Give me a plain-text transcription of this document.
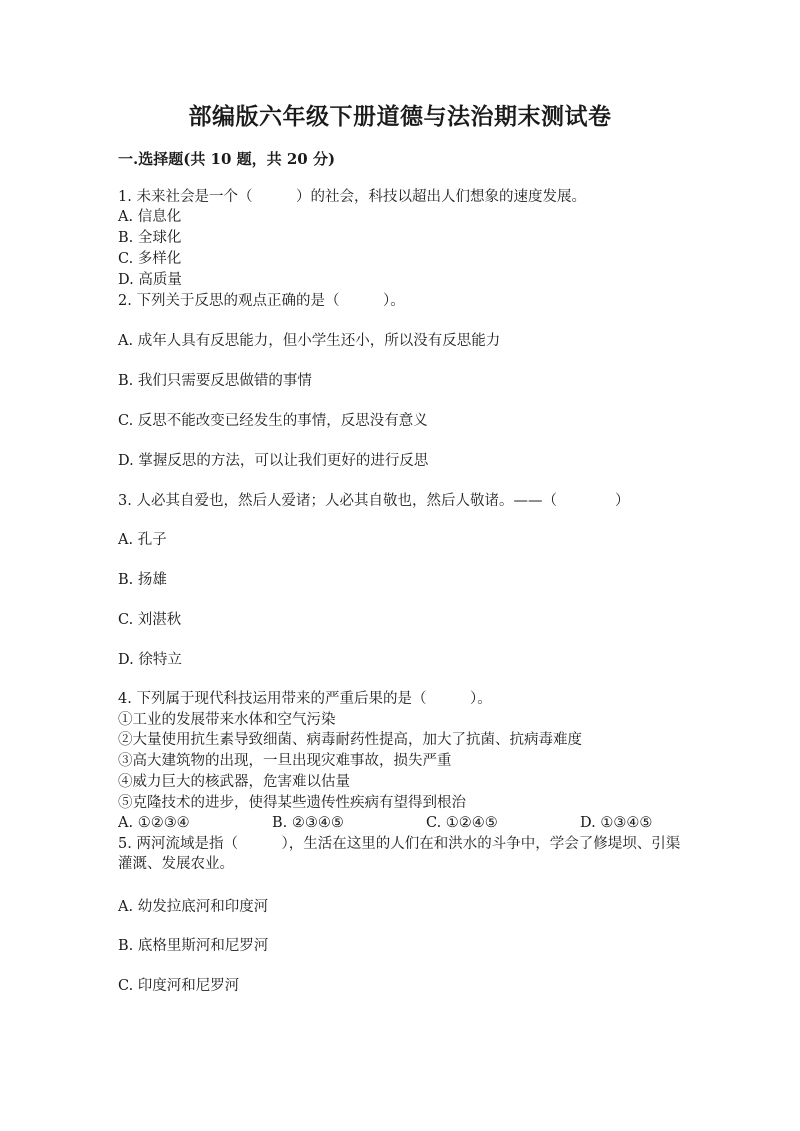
部编版六年级下册道德与法治期末测试卷
一.选择题(共 10 题，共 20 分)

1. 未来社会是一个（　　　）的社会，科技以超出人们想象的速度发展。

A. 信息化

B. 全球化

C. 多样化

D. 高质量

2. 下列关于反思的观点正确的是（　　　）。

A. 成年人具有反思能力，但小学生还小，所以没有反思能力

B. 我们只需要反思做错的事情

C. 反思不能改变已经发生的事情，反思没有意义

D. 掌握反思的方法，可以让我们更好的进行反思

3. 人必其自爱也，然后人爱诸；人必其自敬也，然后人敬诸。——（　　　　）

A. 孔子

B. 扬雄

C. 刘湛秋

D. 徐特立

4. 下列属于现代科技运用带来的严重后果的是（　　　）。

①工业的发展带来水体和空气污染

②大量使用抗生素导致细菌、病毒耐药性提高，加大了抗菌、抗病毒难度

③高大建筑物的出现，一旦出现灾难事故，损失严重

④威力巨大的核武器，危害难以估量

⑤克隆技术的进步，使得某些遗传性疾病有望得到根治

A. ①②③④	B. ②③④⑤	C. ①②④⑤	D. ①③④⑤

5. 两河流域是指（　　　），生活在这里的人们在和洪水的斗争中，学会了修堤坝、引渠灌溉、发展农业。

A. 幼发拉底河和印度河

B. 底格里斯河和尼罗河

C. 印度河和尼罗河
